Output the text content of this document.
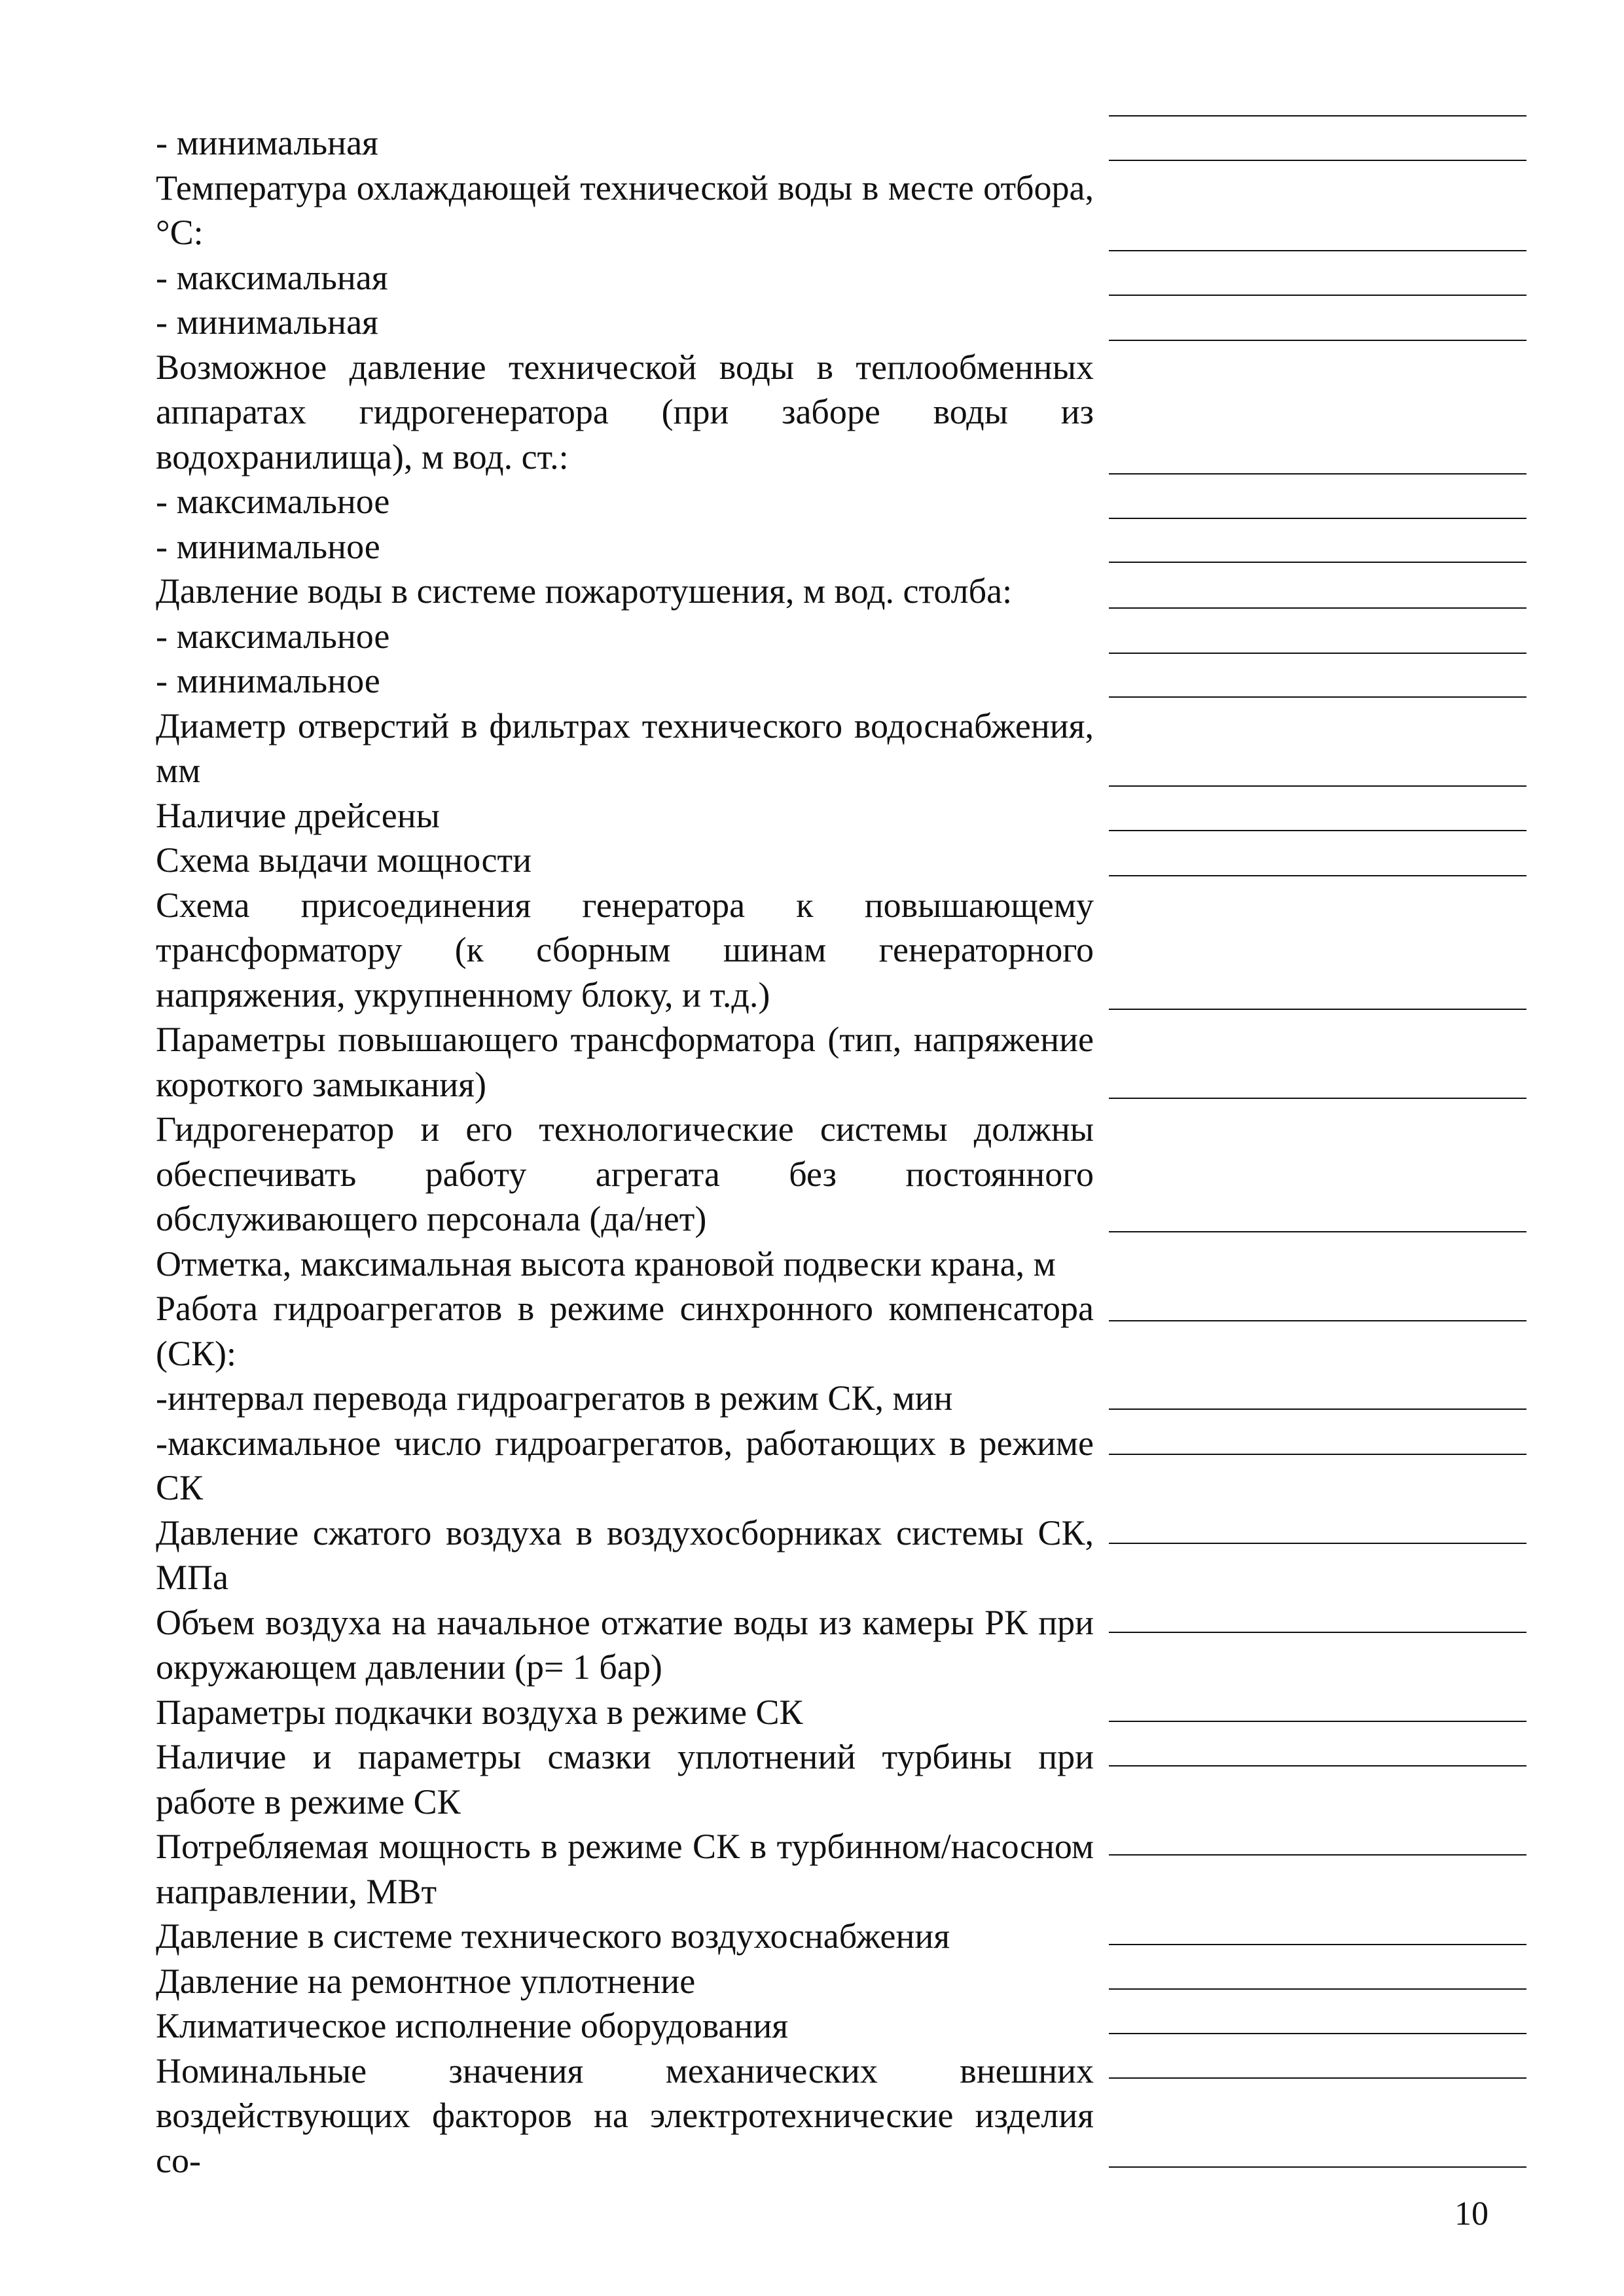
- минимальная

Температура охлаждающей технической воды в месте отбора, °С:

- максимальная

- минимальная

Возможное давление технической воды в теплообменных аппаратах гидрогенератора (при заборе воды из водохранилища), м вод. ст.:

- максимальное

- минимальное

Давление воды в системе пожаротушения, м вод. столба:

- максимальное

- минимальное

Диаметр отверстий в фильтрах технического водоснабжения, мм

Наличие дрейсены

Схема выдачи мощности

Схема присоединения генератора к повышающему трансформатору (к сборным шинам генераторного напряжения, укрупненному блоку, и т.д.)

Параметры повышающего трансформатора (тип, напряжение короткого замыкания)

Гидрогенератор и его технологические системы должны обеспечивать работу агрегата без постоянного обслуживающего персонала (да/нет)

Отметка, максимальная высота крановой подвески крана, м

Работа гидроагрегатов в режиме синхронного компенсатора (СК):

-интервал перевода гидроагрегатов в режим СК, мин

-максимальное число гидроагрегатов, работающих в режиме СК

Давление сжатого воздуха в воздухосборниках системы СК, МПа

Объем воздуха на начальное отжатие воды из камеры РК при окружающем давлении (р= 1 бар)

Параметры подкачки воздуха в режиме СК

Наличие и параметры смазки уплотнений турбины при работе в режиме СК

Потребляемая мощность в режиме СК в турбинном/насосном направлении, МВт

Давление в системе технического воздухоснабжения

Давление на ремонтное уплотнение

Климатическое исполнение оборудования

Номинальные значения механических внешних воздействующих факторов на электротехнические изделия со-

10
